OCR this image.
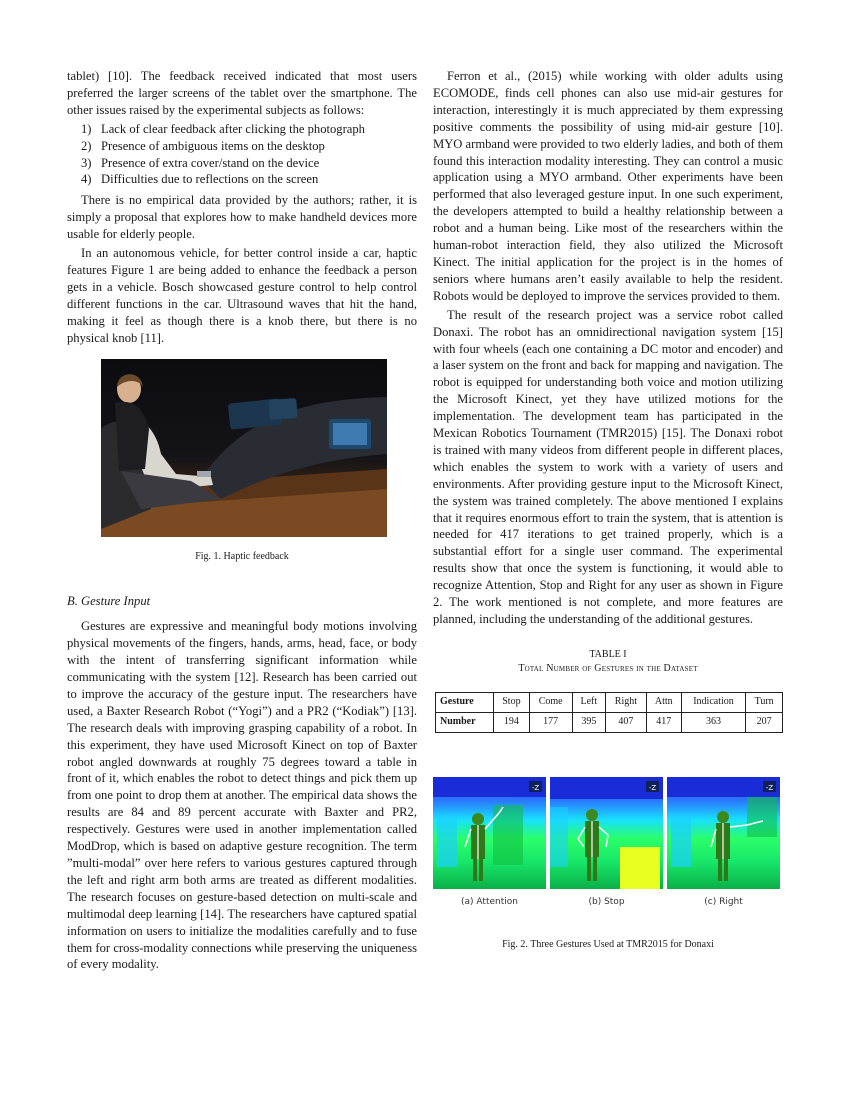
tablet) [10]. The feedback received indicated that most users preferred the larger screens of the tablet over the smartphone. The other issues raised by the experimental subjects as follows:

1) Lack of clear feedback after clicking the photograph
2) Presence of ambiguous items on the desktop
3) Presence of extra cover/stand on the device
4) Difficulties due to reflections on the screen

There is no empirical data provided by the authors; rather, it is simply a proposal that explores how to make handheld devices more usable for elderly people.

In an autonomous vehicle, for better control inside a car, haptic features Figure 1 are being added to enhance the feedback a person gets in a vehicle. Bosch showcased gesture control to help control different functions in the car. Ultrasound waves that hit the hand, making it feel as though there is a knob there, but there is no physical knob [11].

Fig. 1. Haptic feedback
B. Gesture Input

Gestures are expressive and meaningful body motions involving physical movements of the fingers, hands, arms, head, face, or body with the intent of transferring significant information while communicating with the system [12]. Research has been carried out to improve the accuracy of the gesture input. The researchers have used, a Baxter Research Robot (“Yogi”) and a PR2 (“Kodiak”) [13]. The research deals with improving grasping capability of a robot. In this experiment, they have used Microsoft Kinect on top of Baxter robot angled downwards at roughly 75 degrees toward a table in front of it, which enables the robot to detect things and pick them up from one point to drop them at another. The empirical data shows the results are 84 and 89 percent accurate with Baxter and PR2, respectively. Gestures were used in another implementation called ModDrop, which is based on adaptive gesture recognition. The term ”multi-modal” over here refers to various gestures captured through the left and right arm both arms are treated as different modalities. The research focuses on gesture-based detection on multi-scale and multimodal deep learning [14]. The researchers have captured spatial information on users to initialize the modalities carefully and to fuse them for cross-modality connections while preserving the uniqueness of every modality.

Ferron et al., (2015) while working with older adults using ECOMODE, finds cell phones can also use mid-air gestures for interaction, interestingly it is much appreciated by them expressing positive comments the possibility of using mid-air gesture [10]. MYO armband were provided to two elderly ladies, and both of them found this interaction modality interesting. They can control a music application using a MYO armband. Other experiments have been performed that also leveraged gesture input. In one such experiment, the developers attempted to build a healthy relationship between a robot and a human being. Like most of the researchers within the human-robot interaction field, they also utilized the Microsoft Kinect. The initial application for the project is in the homes of seniors where humans aren’t easily available to help the resident. Robots would be deployed to improve the services provided to them.

The result of the research project was a service robot called Donaxi. The robot has an omnidirectional navigation system [15] with four wheels (each one containing a DC motor and encoder) and a laser system on the front and back for mapping and navigation. The robot is equipped for understanding both voice and motion utilizing the Microsoft Kinect, yet they have utilized motions for the implementation. The development team has participated in the Mexican Robotics Tournament (TMR2015) [15]. The Donaxi robot is trained with many videos from different people in different places, which enables the system to work with a variety of users and environments. After providing gesture input to the Microsoft Kinect, the system was trained completely. The above mentioned I explains that it requires enormous effort to train the system, that is attention is needed for 417 iterations to get trained properly, which is a substantial effort for a single user command. The experimental results show that once the system is functioning, it would able to recognize Attention, Stop and Right for any user as shown in Figure 2. The work mentioned is not complete, and more features are planned, including the understanding of the additional gestures.

TABLE I
Total Number of Gestures in the Dataset
Gesture	Stop	Come	Left	Right	Attn	Indication	Turn
Number	194	177	395	407	417	363	207
-Z
(a) Attention
-Z
(b) Stop
-Z
(c) Right
Fig. 2. Three Gestures Used at TMR2015 for Donaxi
